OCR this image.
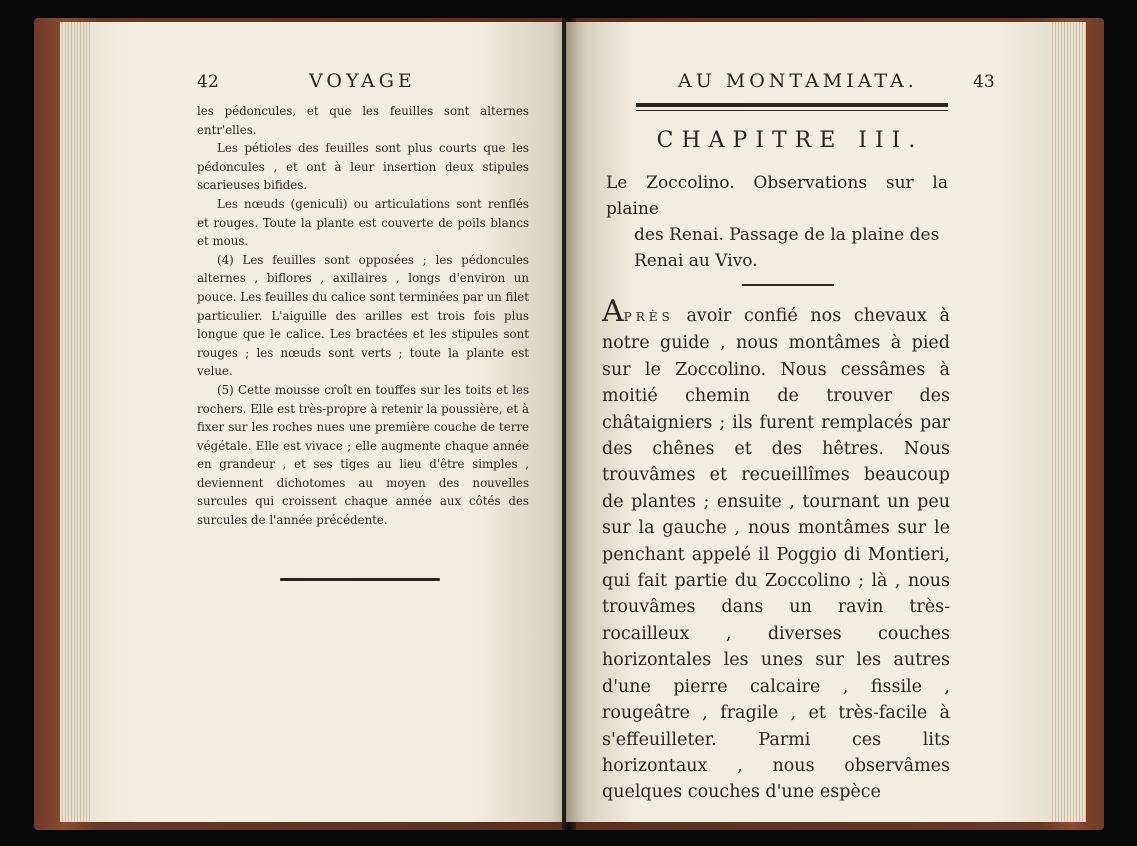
42	VOYAGE

les pédoncules, et que les feuilles sont alternes entr'elles.

Les pétioles des feuilles sont plus courts que les pédoncules , et ont à leur insertion deux stipules scarieuses bifides.

Les nœuds (geniculi) ou articulations sont renflés et rouges. Toute la plante est couverte de poils blancs et mous.

(4) Les feuilles sont opposées ; les pédoncules alternes , biflores , axillaires , longs d'environ un pouce. Les feuilles du calice sont terminées par un filet particulier. L'aiguille des arilles est trois fois plus longue que le calice. Les bractées et les stipules sont rouges ; les nœuds sont verts ; toute la plante est velue.

(5) Cette mousse croît en touffes sur les toits et les rochers. Elle est très-propre à retenir la poussière, et à fixer sur les roches nues une première couche de terre végétale. Elle est vivace ; elle augmente chaque année en grandeur , et ses tiges au lieu d'être simples , deviennent dichotomes au moyen des nouvelles surcules qui croissent chaque année aux côtés des surcules de l'année précédente.

AU MONTAMIATA.	43
CHAPITRE III.
Le Zoccolino. Observations sur la plaine
des Renai. Passage de la plaine des
Renai au Vivo.
APRÈS avoir confié nos chevaux à notre guide , nous montâmes à pied sur le Zoccolino. Nous cessâmes à moitié chemin de trouver des châtaigniers ; ils furent remplacés par des chênes et des hêtres. Nous trouvâmes et recueillîmes beaucoup de plantes ; ensuite , tournant un peu sur la gauche , nous montâmes sur le penchant appelé il Poggio di Montieri, qui fait partie du Zoccolino ; là , nous trouvâmes dans un ravin très-rocailleux , diverses couches horizontales les unes sur les autres d'une pierre calcaire , fissile , rougeâtre , fragile , et très-facile à s'effeuilleter. Parmi ces lits horizontaux , nous observâmes quelques couches d'une espèce
